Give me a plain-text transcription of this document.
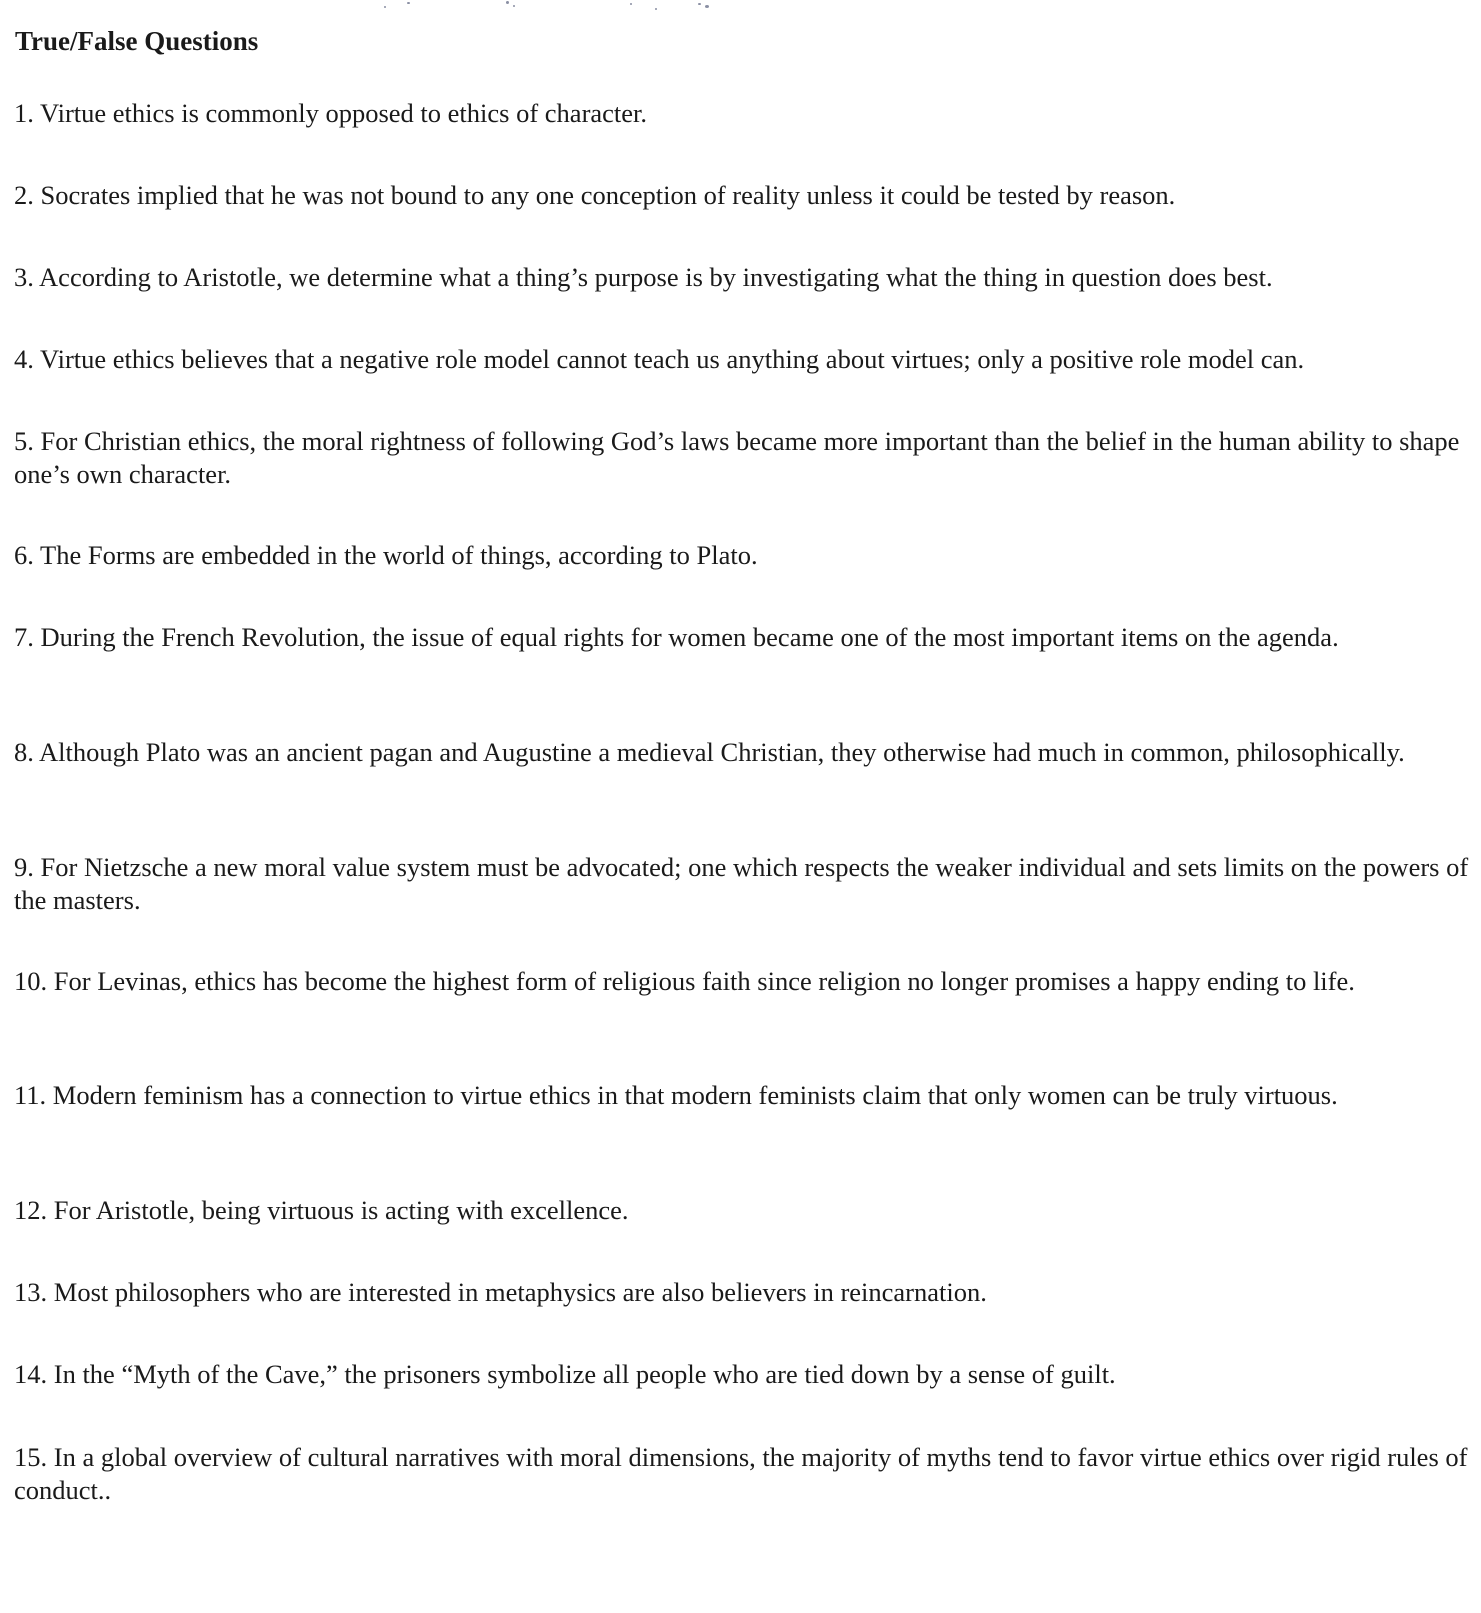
True/False Questions

1. Virtue ethics is commonly opposed to ethics of character.

2. Socrates implied that he was not bound to any one conception of reality unless it could be tested by reason.

3. According to Aristotle, we determine what a thing’s purpose is by investigating what the thing in question does best.

4. Virtue ethics believes that a negative role model cannot teach us anything about virtues; only a positive role model can.

5. For Christian ethics, the moral rightness of following God’s laws became more important than the belief in the human ability to shape one’s own character.

6. The Forms are embedded in the world of things, according to Plato.

7. During the French Revolution, the issue of equal rights for women became one of the most important items on the agenda.

8. Although Plato was an ancient pagan and Augustine a medieval Christian, they otherwise had much in common, philosophically.

9. For Nietzsche a new moral value system must be advocated; one which respects the weaker individual and sets limits on the powers of the masters.

10. For Levinas, ethics has become the highest form of religious faith since religion no longer promises a happy ending to life.

11. Modern feminism has a connection to virtue ethics in that modern feminists claim that only women can be truly virtuous.

12. For Aristotle, being virtuous is acting with excellence.

13. Most philosophers who are interested in metaphysics are also believers in reincarnation.

14. In the “Myth of the Cave,” the prisoners symbolize all people who are tied down by a sense of guilt.

15. In a global overview of cultural narratives with moral dimensions, the majority of myths tend to favor virtue ethics over rigid rules of conduct..
